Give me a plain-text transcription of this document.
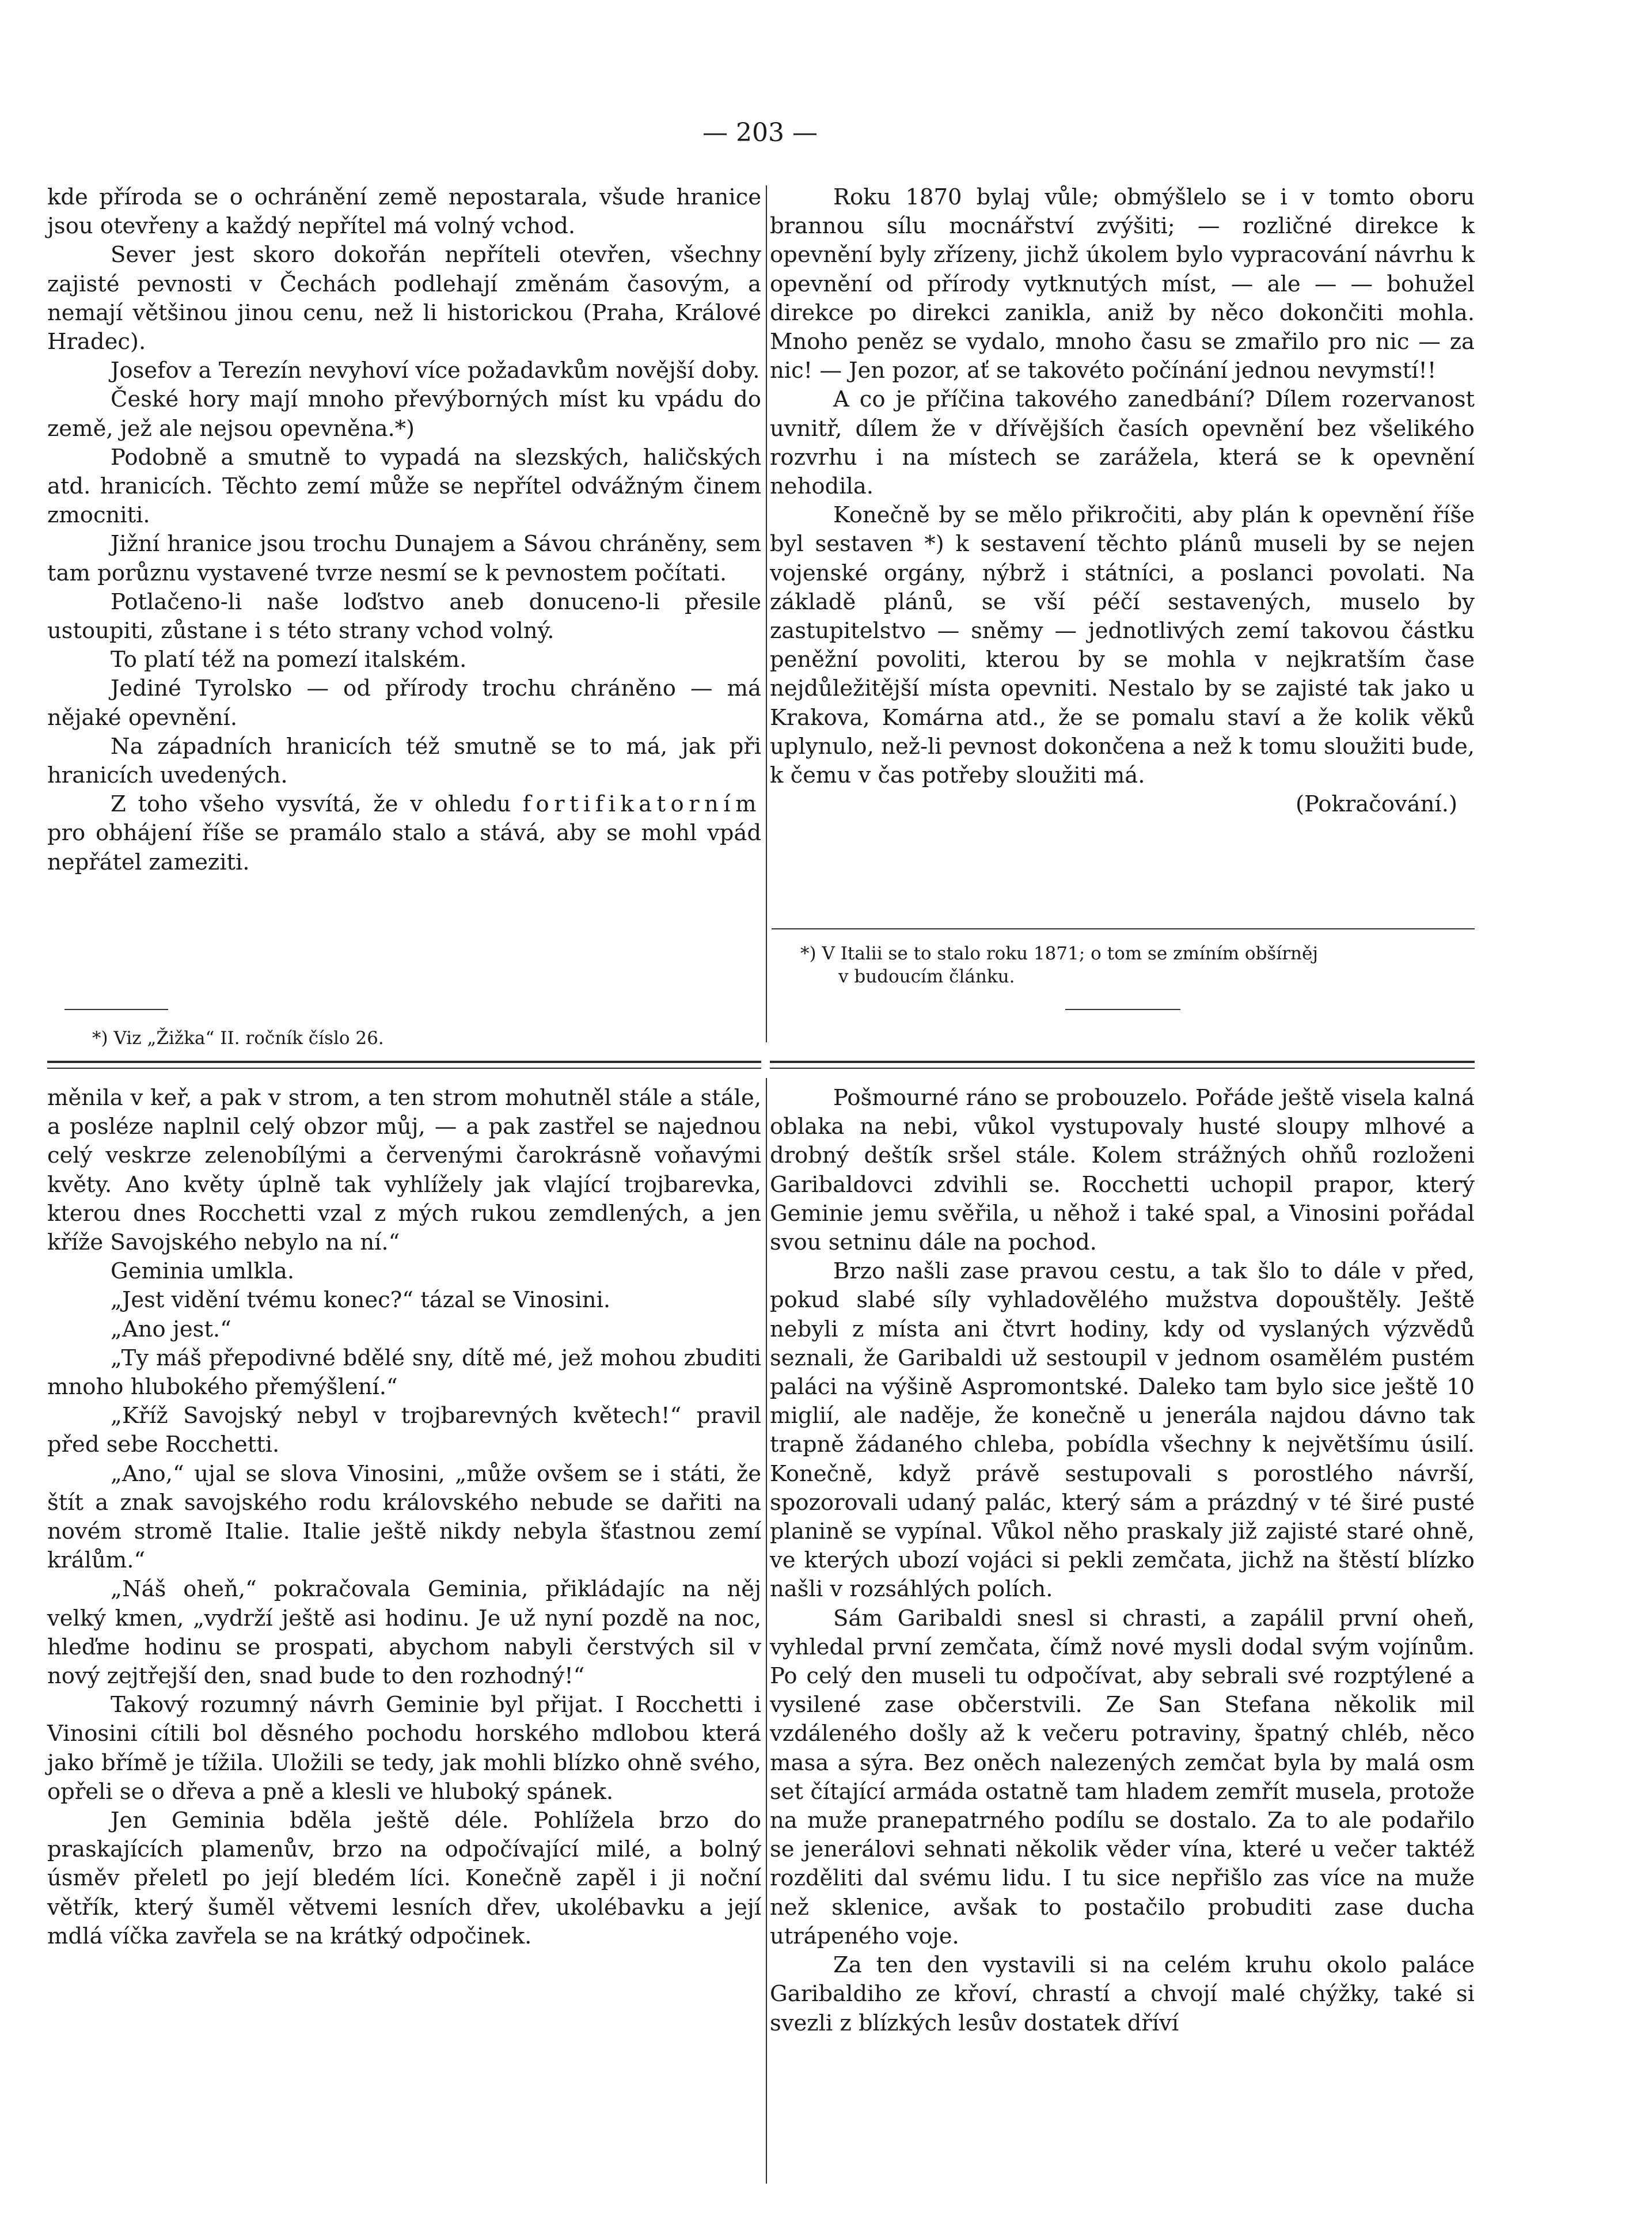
— 203 —

kde příroda se o ochránění země nepostarala, všude hranice jsou otevřeny a každý nepřítel má volný vchod.

Sever jest skoro dokořán nepříteli otevřen, všechny zajisté pevnosti v Čechách podlehají změnám časovým, a nemají většinou jinou cenu, než li historickou (Praha, Králové Hradec).

Josefov a Terezín nevyhoví více požadavkům novější doby.

České hory mají mnoho převýborných míst ku vpádu do země, jež ale nejsou opevněna.*)

Podobně a smutně to vypadá na slezských, haličských atd. hranicích. Těchto zemí může se nepřítel odvážným činem zmocniti.

Jižní hranice jsou trochu Dunajem a Sávou chráněny, sem tam porůznu vystavené tvrze nesmí se k pevnostem počítati.

Potlačeno-li naše loďstvo aneb donuceno-li přesile ustoupiti, zůstane i s této strany vchod volný.

To platí též na pomezí italském.

Jediné Tyrolsko — od přírody trochu chráněno — má nějaké opevnění.

Na západních hranicích též smutně se to má, jak při hranicích uvedených.

Z toho všeho vysvítá, že v ohledu fortifikatorním pro obhájení říše se pramálo stalo a stává, aby se mohl vpád nepřátel zameziti.

*) Viz „Žižka“ II. ročník číslo 26.

Roku 1870 bylaj vůle; obmýšlelo se i v tomto oboru brannou sílu mocnářství zvýšiti; — rozličné direkce k opevnění byly zřízeny, jichž úkolem bylo vypracování návrhu k opevnění od přírody vytknutých míst, — ale — — bohužel direkce po direkci zanikla, aniž by něco dokončiti mohla. Mnoho peněz se vydalo, mnoho času se zmařilo pro nic — za nic! — Jen pozor, ať se takovéto počínání jednou nevymstí!!

A co je příčina takového zanedbání? Dílem rozervanost uvnitř, dílem že v dřívějších časích opevnění bez všelikého rozvrhu i na místech se zarážela, která se k opevnění nehodila.

Konečně by se mělo přikročiti, aby plán k opevnění říše byl sestaven *) k sestavení těchto plánů museli by se nejen vojenské orgány, nýbrž i státníci, a poslanci povolati. Na základě plánů, se vší péčí sestavených, muselo by zastupitelstvo — sněmy — jednotlivých zemí takovou částku peněžní povoliti, kterou by se mohla v nejkratším čase nejdůležitější místa opevniti. Nestalo by se zajisté tak jako u Krakova, Komárna atd., že se pomalu staví a že kolik věků uplynulo, než-li pevnost dokončena a než k tomu sloužiti bude, k čemu v čas potřeby sloužiti má.

(Pokračování.)

*) V Italii se to stalo roku 1871; o tom se zmíním obšírněj
v budoucím článku.

měnila v keř, a pak v strom, a ten strom mohutněl stále a stále, a posléze naplnil celý obzor můj, — a pak zastřel se najednou celý veskrze zelenobílými a červenými čarokrásně voňavými květy. Ano květy úplně tak vyhlížely jak vlající trojbarevka, kterou dnes Rocchetti vzal z mých rukou zemdlených, a jen kříže Savojského nebylo na ní.“

Geminia umlkla.

„Jest vidění tvému konec?“ tázal se Vinosini.

„Ano jest.“

„Ty máš přepodivné bdělé sny, dítě mé, jež mohou zbuditi mnoho hlubokého přemýšlení.“

„Kříž Savojský nebyl v trojbarevných květech!“ pravil před sebe Rocchetti.

„Ano,“ ujal se slova Vinosini, „může ovšem se i státi, že štít a znak savojského rodu královského nebude se dařiti na novém stromě Italie. Italie ještě nikdy nebyla šťastnou zemí králům.“

„Náš oheň,“ pokračovala Geminia, přikládajíc na něj velký kmen, „vydrží ještě asi hodinu. Je už nyní pozdě na noc, hleďme hodinu se prospati, abychom nabyli čerstvých sil v nový zejtřejší den, snad bude to den rozhodný!“

Takový rozumný návrh Geminie byl přijat. I Rocchetti i Vinosini cítili bol děsného pochodu horského mdlobou která jako břímě je tížila. Uložili se tedy, jak mohli blízko ohně svého, opřeli se o dřeva a pně a klesli ve hluboký spánek.

Jen Geminia bděla ještě déle. Pohlížela brzo do praskajících plamenův, brzo na odpočívající milé, a bolný úsměv přeletl po její bledém líci. Konečně zapěl i ji noční větřík, který šuměl větvemi lesních dřev, ukolébavku a její mdlá víčka zavřela se na krátký odpočinek.

Pošmourné ráno se probouzelo. Pořáde ještě visela kalná oblaka na nebi, vůkol vystupovaly husté sloupy mlhové a drobný deštík sršel stále. Kolem strážných ohňů rozloženi Garibaldovci zdvihli se. Rocchetti uchopil prapor, který Geminie jemu svěřila, u něhož i také spal, a Vinosini pořádal svou setninu dále na pochod.

Brzo našli zase pravou cestu, a tak šlo to dále v před, pokud slabé síly vyhladovělého mužstva dopouštěly. Ještě nebyli z místa ani čtvrt hodiny, kdy od vyslaných výzvědů seznali, že Garibaldi už sestoupil v jednom osamělém pustém paláci na výšině Aspromontské. Daleko tam bylo sice ještě 10 miglií, ale naděje, že konečně u jenerála najdou dávno tak trapně žádaného chleba, pobídla všechny k největšímu úsilí. Konečně, když právě sestupovali s porostlého návrší, spozorovali udaný palác, který sám a prázdný v té širé pusté planině se vypínal. Vůkol něho praskaly již zajisté staré ohně, ve kterých ubozí vojáci si pekli zemčata, jichž na štěstí blízko našli v rozsáhlých polích.

Sám Garibaldi snesl si chrasti, a zapálil první oheň, vyhledal první zemčata, čímž nové mysli dodal svým vojínům. Po celý den museli tu odpočívat, aby sebrali své rozptýlené a vysilené zase občerstvili. Ze San Stefana několik mil vzdáleného došly až k večeru potraviny, špatný chléb, něco masa a sýra. Bez oněch nalezených zemčat byla by malá osm set čítající armáda ostatně tam hladem zemřít musela, protože na muže pranepatrného podílu se dostalo. Za to ale podařilo se jenerálovi sehnati několik věder vína, které u večer taktéž rozděliti dal svému lidu. I tu sice nepřišlo zas více na muže než sklenice, avšak to postačilo probuditi zase ducha utrápeného voje.

Za ten den vystavili si na celém kruhu okolo paláce Garibaldiho ze křoví, chrastí a chvojí malé chýžky, také si svezli z blízkých lesův dostatek dříví
